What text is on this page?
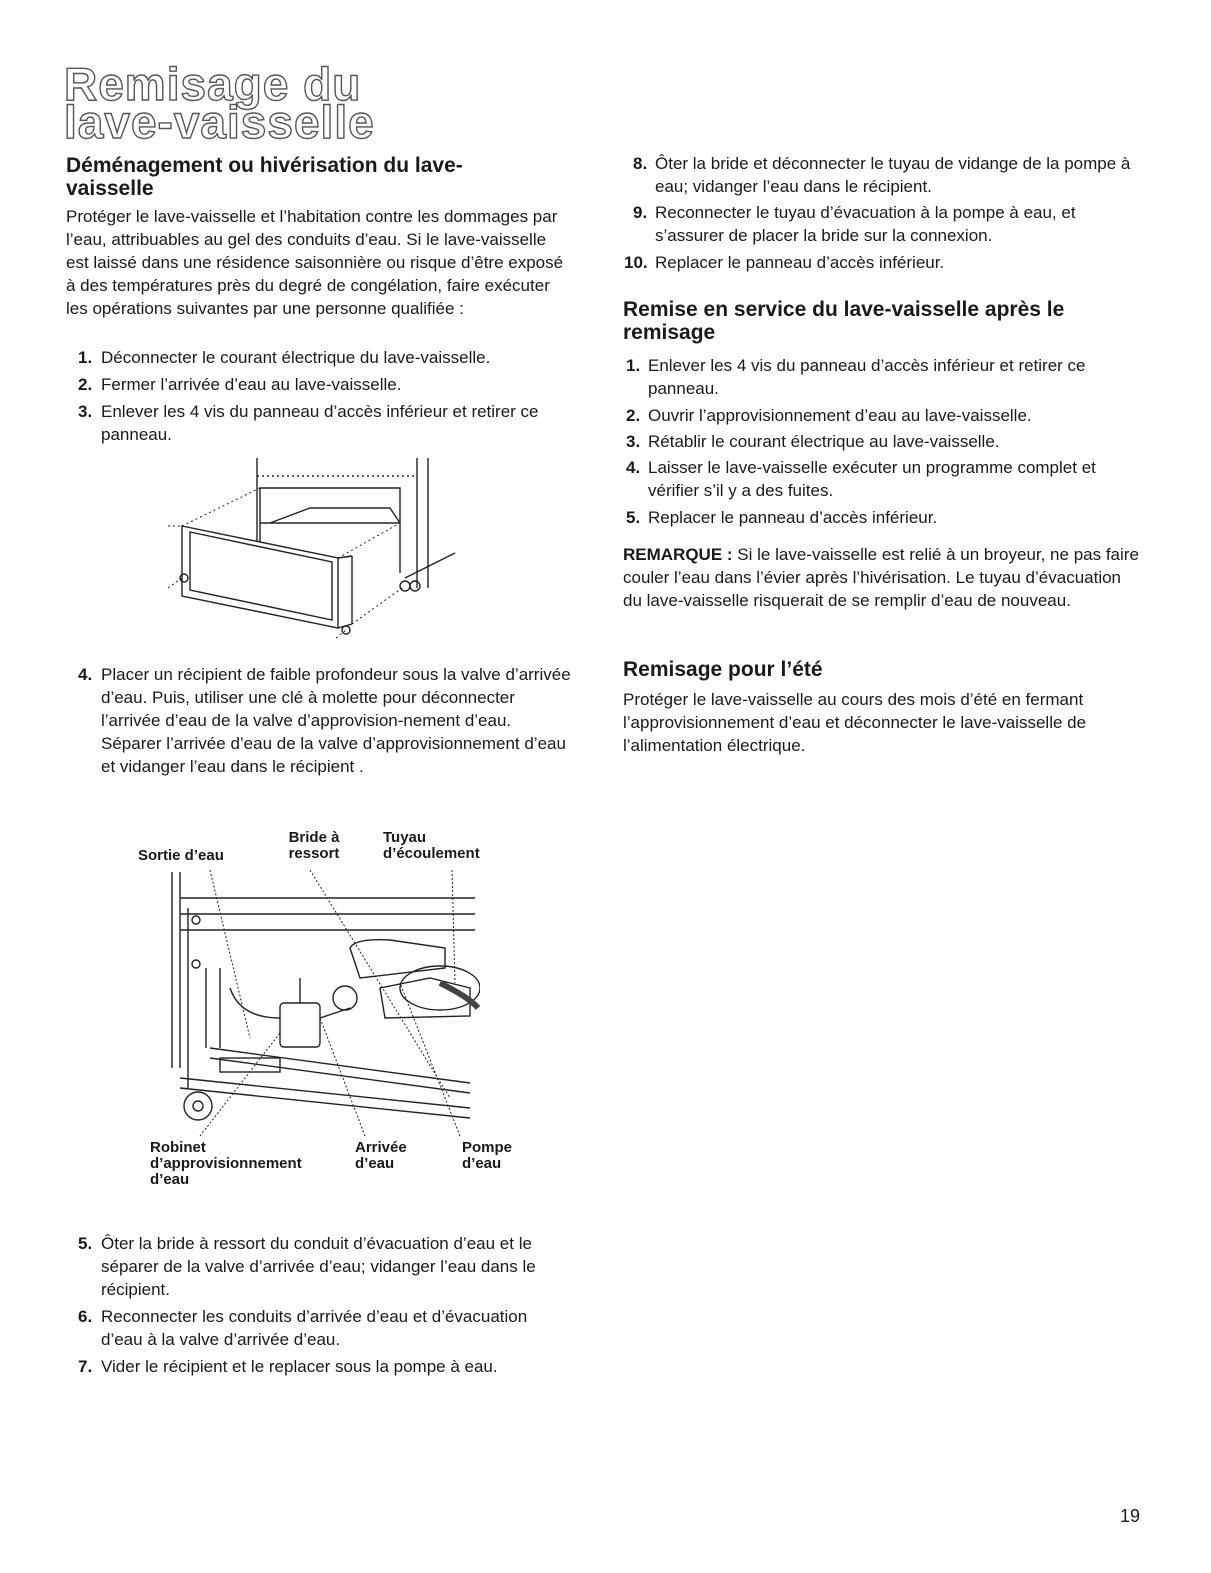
Remisage du
lave-vaisselle
Déménagement ou hivérisation du lave-vaisselle

Protéger le lave-vaisselle et l’habitation contre les dommages par l’eau, attribuables au gel des conduits d’eau. Si le lave-vaisselle est laissé dans une résidence saisonnière ou risque d’être exposé à des températures près du degré de congélation, faire exécuter les opérations suivantes par une personne qualifiée :

1. Déconnecter le courant électrique du lave-vaisselle.
2. Fermer l’arrivée d’eau au lave-vaisselle.
3. Enlever les 4 vis du panneau d’accès inférieur et retirer ce panneau.
4. Placer un récipient de faible profondeur sous la valve d’arrivée d’eau. Puis, utiliser une clé à molette pour déconnecter l’arrivée d’eau de la valve d’approvision-nement d’eau. Séparer l’arrivée d’eau de la valve d’approvisionnement d’eau et vidanger l’eau dans le récipient .
Sortie d’eau
Bride à ressort
Tuyau d’écoulement
Robinet d’approvisionnement d’eau
Arrivée d’eau
Pompe d’eau
5. Ôter la bride à ressort du conduit d’évacuation d’eau et le séparer de la valve d’arrivée d’eau; vidanger l’eau dans le récipient.
6. Reconnecter les conduits d’arrivée d’eau et d’évacuation d’eau à la valve d’arrivée d’eau.
7. Vider le récipient et le replacer sous la pompe à eau.
8. Ôter la bride et déconnecter le tuyau de vidange de la pompe à eau; vidanger l’eau dans le récipient.
9. Reconnecter le tuyau d’évacuation à la pompe à eau, et s’assurer de placer la bride sur la connexion.
10. Replacer le panneau d’accès inférieur.
Remise en service du lave-vaisselle après le remisage
1. Enlever les 4 vis du panneau d’accès inférieur et retirer ce panneau.
2. Ouvrir l’approvisionnement d’eau au lave-vaisselle.
3. Rétablir le courant électrique au lave-vaisselle.
4. Laisser le lave-vaisselle exécuter un programme complet et vérifier s’il y a des fuites.
5. Replacer le panneau d’accès inférieur.

REMARQUE : Si le lave-vaisselle est relié à un broyeur, ne pas faire couler l’eau dans l’évier après l’hivérisation. Le tuyau d’évacuation du lave-vaisselle risquerait de se remplir d’eau de nouveau.

Remisage pour l’été

Protéger le lave-vaisselle au cours des mois d’été en fermant l’approvisionnement d’eau et déconnecter le lave-vaisselle de l’alimentation électrique.

19
